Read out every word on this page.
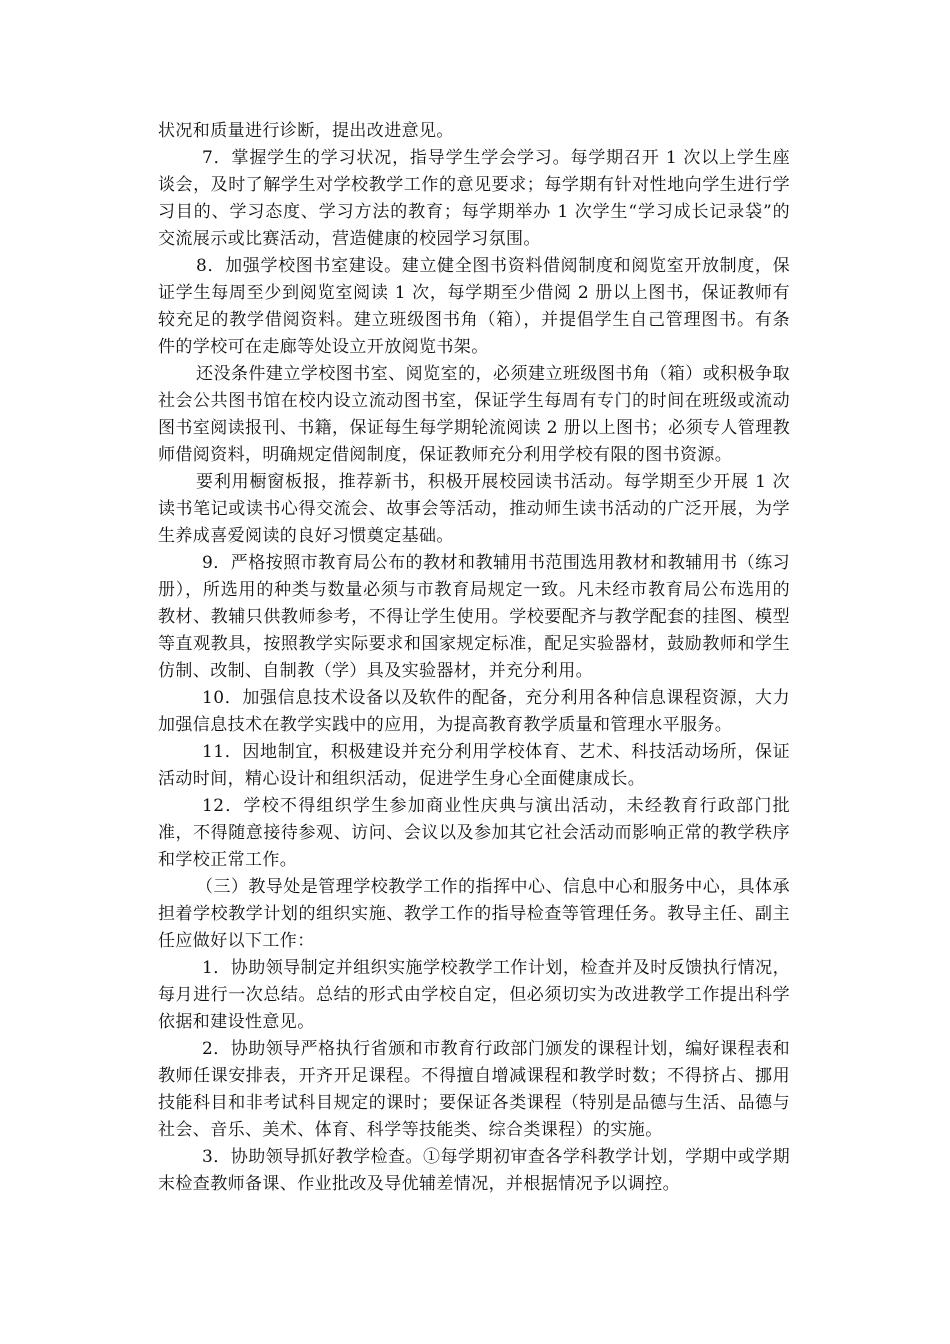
状况和质量进行诊断，提出改进意见。

7．掌握学生的学习状况，指导学生学会学习。每学期召开 1 次以上学生座谈会，及时了解学生对学校教学工作的意见要求；每学期有针对性地向学生进行学习目的、学习态度、学习方法的教育；每学期举办 1 次学生“学习成长记录袋”的交流展示或比赛活动，营造健康的校园学习氛围。

8．加强学校图书室建设。建立健全图书资料借阅制度和阅览室开放制度，保证学生每周至少到阅览室阅读 1 次，每学期至少借阅 2 册以上图书，保证教师有较充足的教学借阅资料。建立班级图书角（箱），并提倡学生自己管理图书。有条件的学校可在走廊等处设立开放阅览书架。

还没条件建立学校图书室、阅览室的，必须建立班级图书角（箱）或积极争取社会公共图书馆在校内设立流动图书室，保证学生每周有专门的时间在班级或流动图书室阅读报刊、书籍，保证每生每学期轮流阅读 2 册以上图书；必须专人管理教师借阅资料，明确规定借阅制度，保证教师充分利用学校有限的图书资源。

要利用橱窗板报，推荐新书，积极开展校园读书活动。每学期至少开展 1 次读书笔记或读书心得交流会、故事会等活动，推动师生读书活动的广泛开展，为学生养成喜爱阅读的良好习惯奠定基础。

9．严格按照市教育局公布的教材和教辅用书范围选用教材和教辅用书（练习册），所选用的种类与数量必须与市教育局规定一致。凡未经市教育局公布选用的教材、教辅只供教师参考，不得让学生使用。学校要配齐与教学配套的挂图、模型等直观教具，按照教学实际要求和国家规定标准，配足实验器材，鼓励教师和学生仿制、改制、自制教（学）具及实验器材，并充分利用。

10．加强信息技术设备以及软件的配备，充分利用各种信息课程资源，大力加强信息技术在教学实践中的应用，为提高教育教学质量和管理水平服务。

11．因地制宜，积极建设并充分利用学校体育、艺术、科技活动场所，保证活动时间，精心设计和组织活动，促进学生身心全面健康成长。

12．学校不得组织学生参加商业性庆典与演出活动，未经教育行政部门批准，不得随意接待参观、访问、会议以及参加其它社会活动而影响正常的教学秩序和学校正常工作。

（三）教导处是管理学校教学工作的指挥中心、信息中心和服务中心，具体承担着学校教学计划的组织实施、教学工作的指导检查等管理任务。教导主任、副主任应做好以下工作：

1．协助领导制定并组织实施学校教学工作计划，检查并及时反馈执行情况，每月进行一次总结。总结的形式由学校自定，但必须切实为改进教学工作提出科学依据和建设性意见。

2．协助领导严格执行省颁和市教育行政部门颁发的课程计划，编好课程表和教师任课安排表，开齐开足课程。不得擅自增减课程和教学时数；不得挤占、挪用技能科目和非考试科目规定的课时；要保证各类课程（特别是品德与生活、品德与社会、音乐、美术、体育、科学等技能类、综合类课程）的实施。

3．协助领导抓好教学检查。①每学期初审查各学科教学计划，学期中或学期末检查教师备课、作业批改及导优辅差情况，并根据情况予以调控。
